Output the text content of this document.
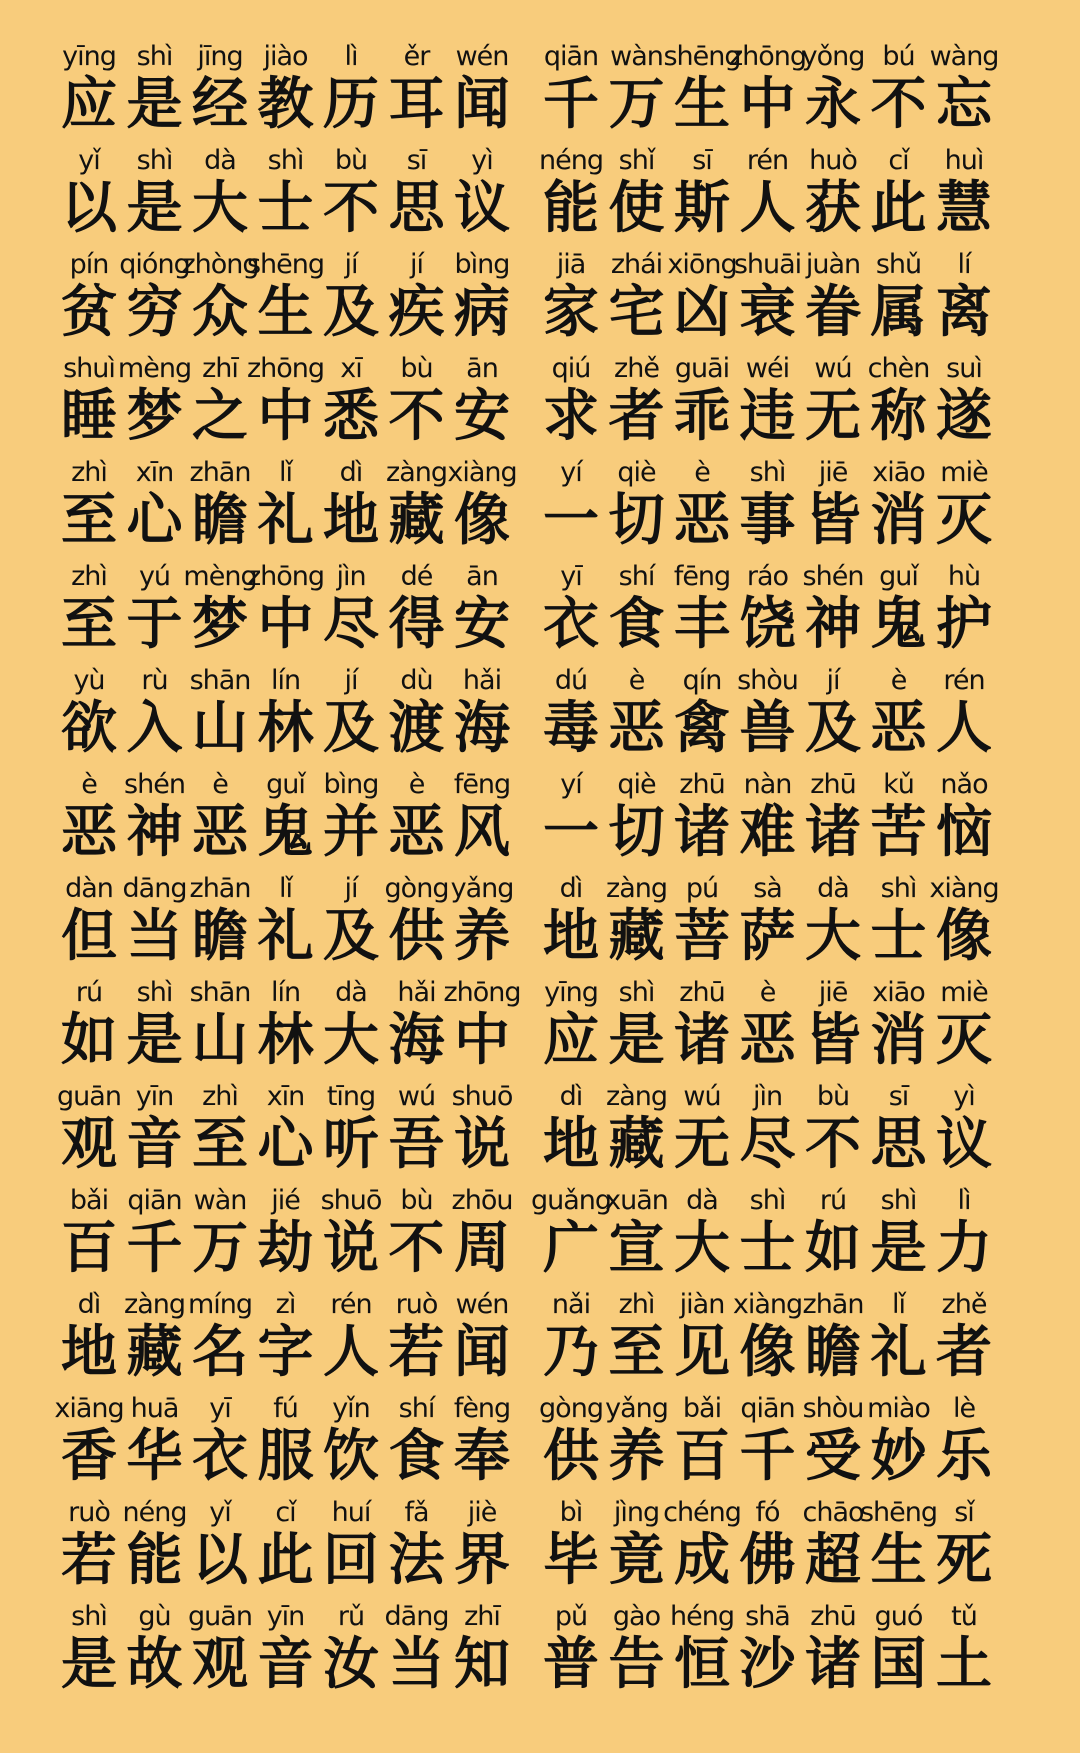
yīng
应
shì
是
jīng
经
jiào
教
lì
历
ěr
耳
wén
闻
qiān
千
wàn
万
shēng
生
zhōng
中
yǒng
永
bú
不
wàng
忘
yǐ
以
shì
是
dà
大
shì
士
bù
不
sī
思
yì
议
néng
能
shǐ
使
sī
斯
rén
人
huò
获
cǐ
此
huì
慧
pín
贫
qióng
穷
zhòng
众
shēng
生
jí
及
jí
疾
bìng
病
jiā
家
zhái
宅
xiōng
凶
shuāi
衰
juàn
眷
shǔ
属
lí
离
shuì
睡
mèng
梦
zhī
之
zhōng
中
xī
悉
bù
不
ān
安
qiú
求
zhě
者
guāi
乖
wéi
违
wú
无
chèn
称
suì
遂
zhì
至
xīn
心
zhān
瞻
lǐ
礼
dì
地
zàng
藏
xiàng
像
yí
一
qiè
切
è
恶
shì
事
jiē
皆
xiāo
消
miè
灭
zhì
至
yú
于
mèng
梦
zhōng
中
jìn
尽
dé
得
ān
安
yī
衣
shí
食
fēng
丰
ráo
饶
shén
神
guǐ
鬼
hù
护
yù
欲
rù
入
shān
山
lín
林
jí
及
dù
渡
hǎi
海
dú
毒
è
恶
qín
禽
shòu
兽
jí
及
è
恶
rén
人
è
恶
shén
神
è
恶
guǐ
鬼
bìng
并
è
恶
fēng
风
yí
一
qiè
切
zhū
诸
nàn
难
zhū
诸
kǔ
苦
nǎo
恼
dàn
但
dāng
当
zhān
瞻
lǐ
礼
jí
及
gòng
供
yǎng
养
dì
地
zàng
藏
pú
菩
sà
萨
dà
大
shì
士
xiàng
像
rú
如
shì
是
shān
山
lín
林
dà
大
hǎi
海
zhōng
中
yīng
应
shì
是
zhū
诸
è
恶
jiē
皆
xiāo
消
miè
灭
guān
观
yīn
音
zhì
至
xīn
心
tīng
听
wú
吾
shuō
说
dì
地
zàng
藏
wú
无
jìn
尽
bù
不
sī
思
yì
议
bǎi
百
qiān
千
wàn
万
jié
劫
shuō
说
bù
不
zhōu
周
guǎng
广
xuān
宣
dà
大
shì
士
rú
如
shì
是
lì
力
dì
地
zàng
藏
míng
名
zì
字
rén
人
ruò
若
wén
闻
nǎi
乃
zhì
至
jiàn
见
xiàng
像
zhān
瞻
lǐ
礼
zhě
者
xiāng
香
huā
华
yī
衣
fú
服
yǐn
饮
shí
食
fèng
奉
gòng
供
yǎng
养
bǎi
百
qiān
千
shòu
受
miào
妙
lè
乐
ruò
若
néng
能
yǐ
以
cǐ
此
huí
回
fǎ
法
jiè
界
bì
毕
jìng
竟
chéng
成
fó
佛
chāo
超
shēng
生
sǐ
死
shì
是
gù
故
guān
观
yīn
音
rǔ
汝
dāng
当
zhī
知
pǔ
普
gào
告
héng
恒
shā
沙
zhū
诸
guó
国
tǔ
土
